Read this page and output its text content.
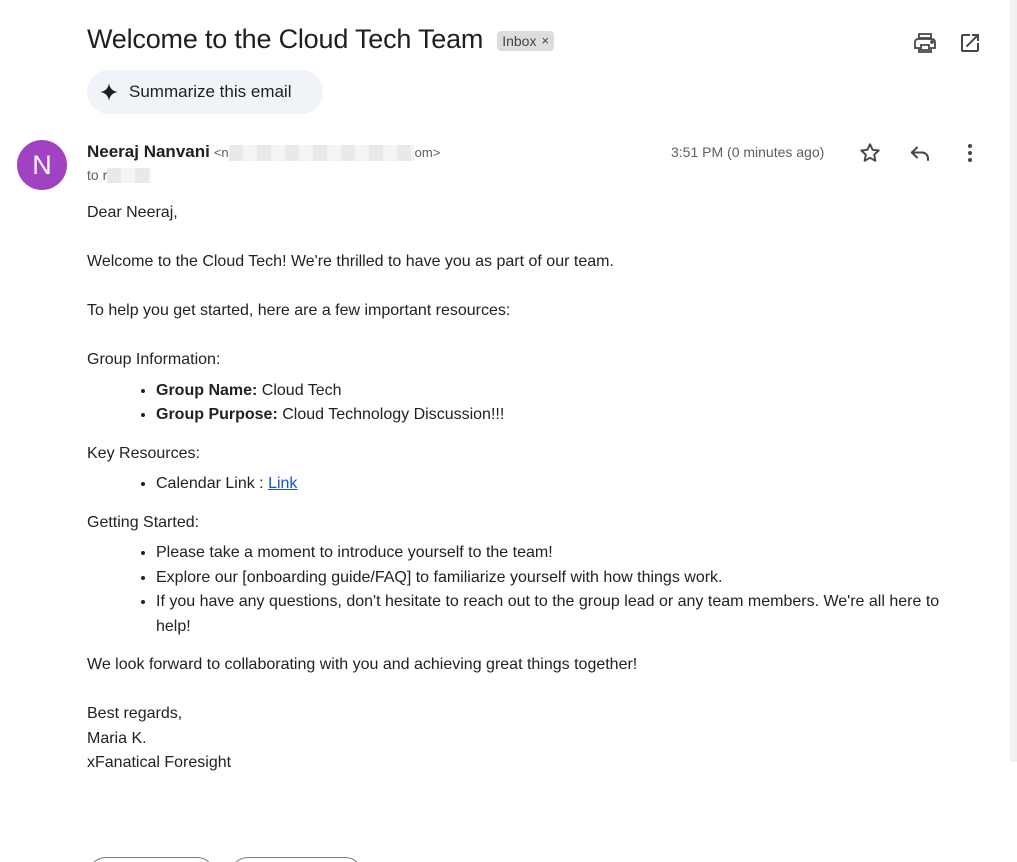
Welcome to the Cloud Tech Team Inbox ×
Summarize this email
N	Neeraj Nanvani <n	om>
to r
3:51 PM (0 minutes ago)

Dear Neeraj,

Welcome to the Cloud Tech! We're thrilled to have you as part of our team.

To help you get started, here are a few important resources:

Group Information:
• Group Name: Cloud Tech
• Group Purpose: Cloud Technology Discussion!!!
Key Resources:
• Calendar Link : Link
Getting Started:
• Please take a moment to introduce yourself to the team!
• Explore our [onboarding guide/FAQ] to familiarize yourself with how things work.
• If you have any questions, don't hesitate to reach out to the group lead or any team members. We're all here to help!

We look forward to collaborating with you and achieving great things together!

Best regards,
Maria K.
xFanatical Foresight
